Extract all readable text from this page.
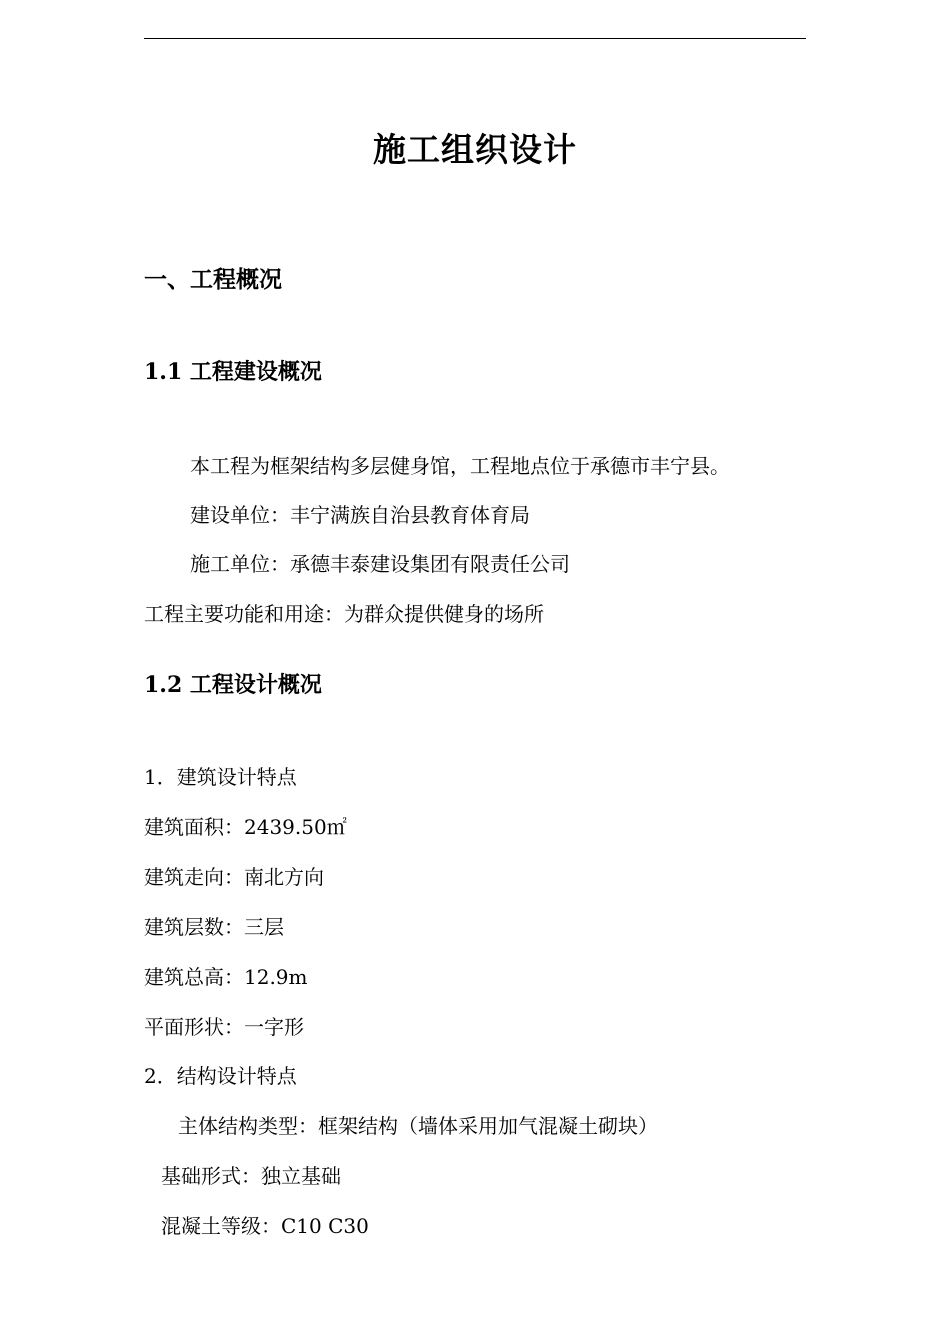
施工组织设计
一、工程概况
1.1 工程建设概况
本工程为框架结构多层健身馆，工程地点位于承德市丰宁县。
建设单位：丰宁满族自治县教育体育局
施工单位：承德丰泰建设集团有限责任公司
工程主要功能和用途：为群众提供健身的场所
1.2 工程设计概况
1．建筑设计特点
建筑面积：2439.50㎡
建筑走向：南北方向
建筑层数：三层
建筑总高：12.9m
平面形状：一字形
2．结构设计特点
主体结构类型：框架结构（墙体采用加气混凝土砌块）
基础形式：独立基础
混凝土等级：C10 C30
